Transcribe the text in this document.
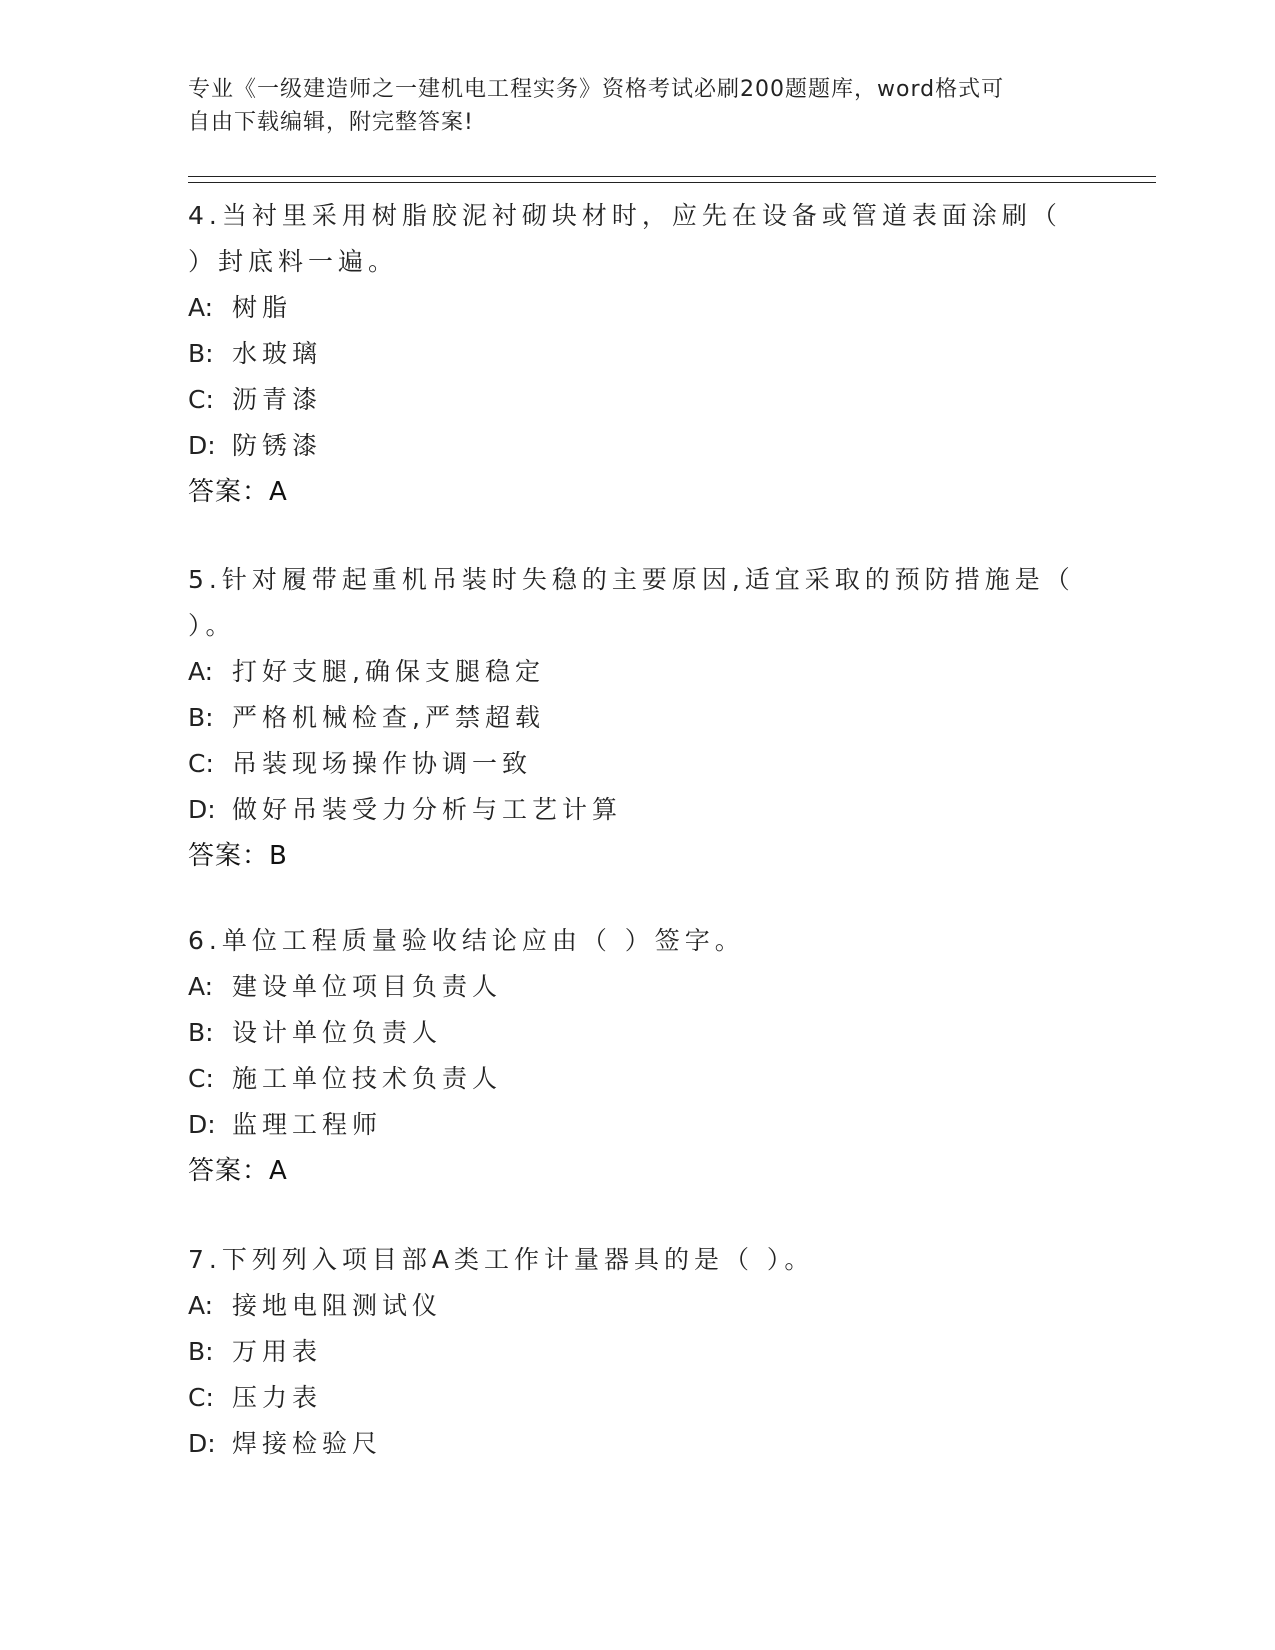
专业《一级建造师之一建机电工程实务》资格考试必刷200题题库，word格式可
自由下载编辑，附完整答案!
4.当衬里采用树脂胶泥衬砌块材时，应先在设备或管道表面涂刷（
）封底料一遍。
A: 树脂
B: 水玻璃
C: 沥青漆
D: 防锈漆
答案：A
5.针对履带起重机吊装时失稳的主要原因,适宜采取的预防措施是（
）。
A: 打好支腿,确保支腿稳定
B: 严格机械检查,严禁超载
C: 吊装现场操作协调一致
D: 做好吊装受力分析与工艺计算
答案：B
6.单位工程质量验收结论应由（ ）签字。
A: 建设单位项目负责人
B: 设计单位负责人
C: 施工单位技术负责人
D: 监理工程师
答案：A
7.下列列入项目部A类工作计量器具的是（ ）。
A: 接地电阻测试仪
B: 万用表
C: 压力表
D: 焊接检验尺
